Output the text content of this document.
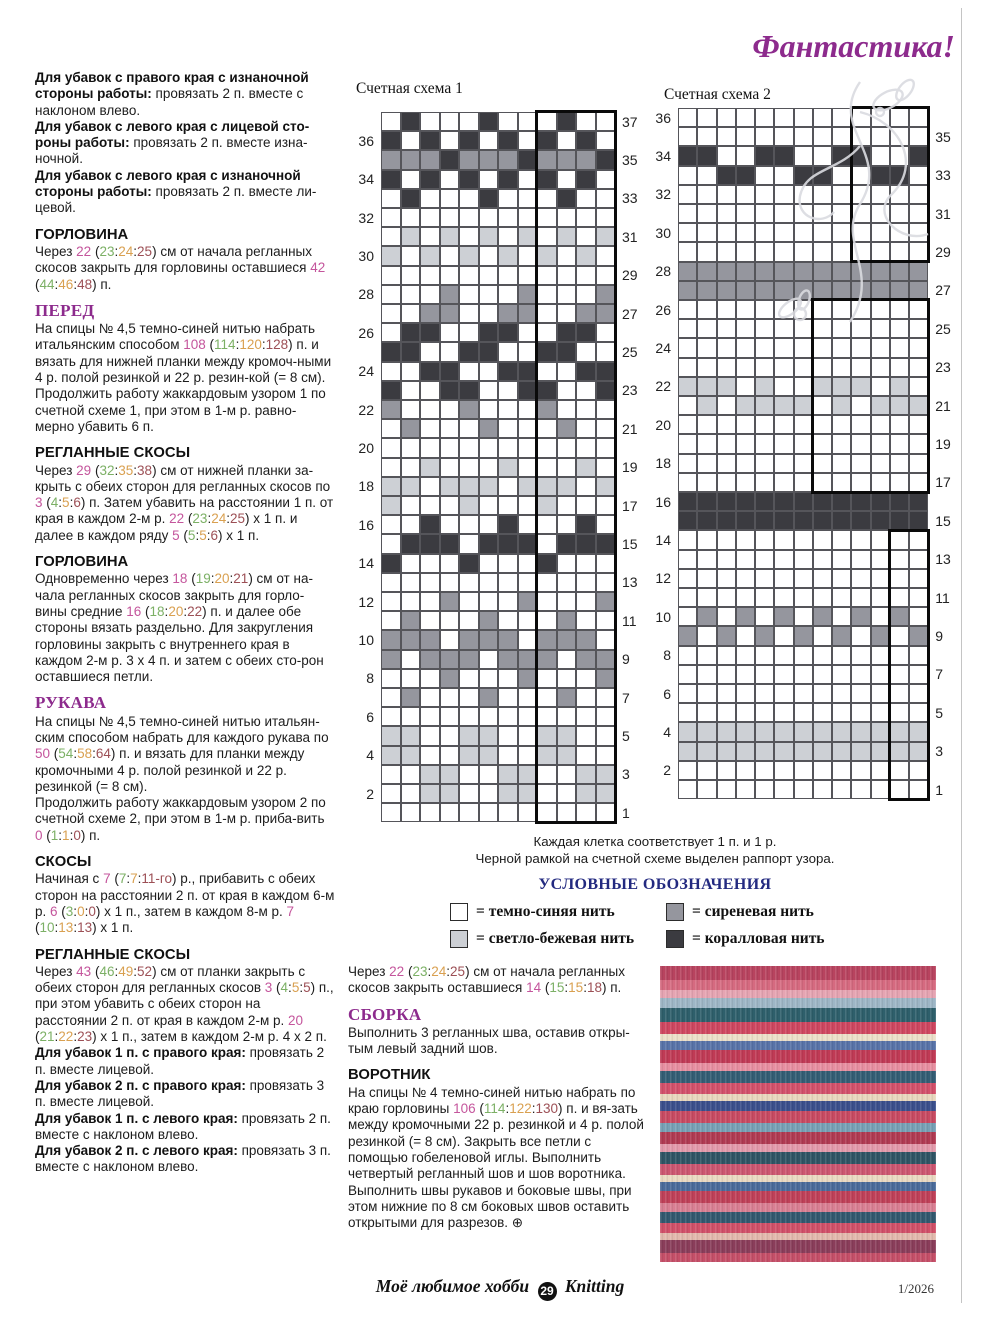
Фантастика!
Для убавок с правого края с изнаночной стороны работы: провязать 2 п. вместе с наклоном влево.
Для убавок с левого края с лицевой сто-роны работы: провязать 2 п. вместе изна-ночной.
Для убавок с левого края с изнаночной стороны работы: провязать 2 п. вместе ли-цевой.
ГОРЛОВИНА
Через 22 (23:24:25) см от начала регланных скосов закрыть для горловины оставшиеся 42 (44:46:48) п.
ПЕРЕД
На спицы № 4,5 темно-синей нитью набрать итальянским способом 108 (114:120:128) п. и вязать для нижней планки между кромоч-ными 4 р. полой резинкой и 22 р. резин-кой (= 8 см).
Продолжить работу жаккардовым узором 1 по счетной схеме 1, при этом в 1-м р. равно-мерно убавить 6 п.
РЕГЛАННЫЕ СКОСЫ
Через 29 (32:35:38) см от нижней планки за-крыть с обеих сторон для регланных скосов по 3 (4:5:6) п. Затем убавить на расстоянии 1 п. от края в каждом 2-м р. 22 (23:24:25) x 1 п. и далее в каждом ряду 5 (5:5:6) x 1 п.
ГОРЛОВИНА
Одновременно через 18 (19:20:21) см от на-чала регланных скосов закрыть для горло-вины средние 16 (18:20:22) п. и далее обе стороны вязать раздельно. Для закругления горловины закрыть с внутреннего края в каждом 2-м р. 3 x 4 п. и затем с обеих сто-рон оставшиеся петли.
РУКАВА
На спицы № 4,5 темно-синей нитью итальян-ским способом набрать для каждого рукава по 50 (54:58:64) п. и вязать для планки между кромочными 4 р. полой резинкой и 22 р. резинкой (= 8 см).
Продолжить работу жаккардовым узором 2 по счетной схеме 2, при этом в 1-м р. приба-вить 0 (1:1:0) п.
СКОСЫ
Начиная с 7 (7:7:11-го) р., прибавить с обеих сторон на расстоянии 2 п. от края в каждом 6-м р. 6 (3:0:0) x 1 п., затем в каждом 8-м р. 7 (10:13:13) x 1 п.
РЕГЛАННЫЕ СКОСЫ
Через 43 (46:49:52) см от планки закрыть с обеих сторон для регланных скосов 3 (4:5:5) п., при этом убавить с обеих сторон на расстоянии 2 п. от края в каждом 2-м р. 20 (21:22:23) x 1 п., затем в каждом 2-м р. 4 x 2 п.
Для убавок 1 п. с правого края: провязать 2 п. вместе лицевой.
Для убавок 2 п. с правого края: провязать 3 п. вместе лицевой.
Для убавок 1 п. с левого края: провязать 2 п. вместе с наклоном влево.
Для убавок 2 п. с левого края: провязать 3 п. вместе с наклоном влево.
Счетная схема 1
36
34
32
30
28
26
24
22
20
18
16
14
12
10
8
6
4
2
37
35
33
31
29
27
25
23
21
19
17
15
13
11
9
7
5
3
1
Счетная схема 2
36
34
32
30
28
26
24
22
20
18
16
14
12
10
8
6
4
2
35
33
31
29
27
25
23
21
19
17
15
13
11
9
7
5
3
1
Каждая клетка соответствует 1 п. и 1 р.
Черной рамкой на счетной схеме выделен раппорт узора.
УСЛОВНЫЕ ОБОЗНАЧЕНИЯ
= темно-синяя нить
= светло-бежевая нить
= сиреневая нить
= коралловая нить
Через 22 (23:24:25) см от начала регланных скосов закрыть оставшиеся 14 (15:15:18) п.
СБОРКА
Выполнить 3 регланных шва, оставив откры-тым левый задний шов.
ВОРОТНИК
На спицы № 4 темно-синей нитью набрать по краю горловины 106 (114:122:130) п. и вя-зать между кромочными 22 р. резинкой и 4 р. полой резинкой (= 8 см). Закрыть все петли с помощью гобеленовой иглы. Выполнить четвертый регланный шов и шов воротника. Выполнить швы рукавов и боковые швы, при этом нижние по 8 см боковых швов оставить открытыми для разрезов. ⊕
Моё любимое хобби 29 Knitting	1/2026
